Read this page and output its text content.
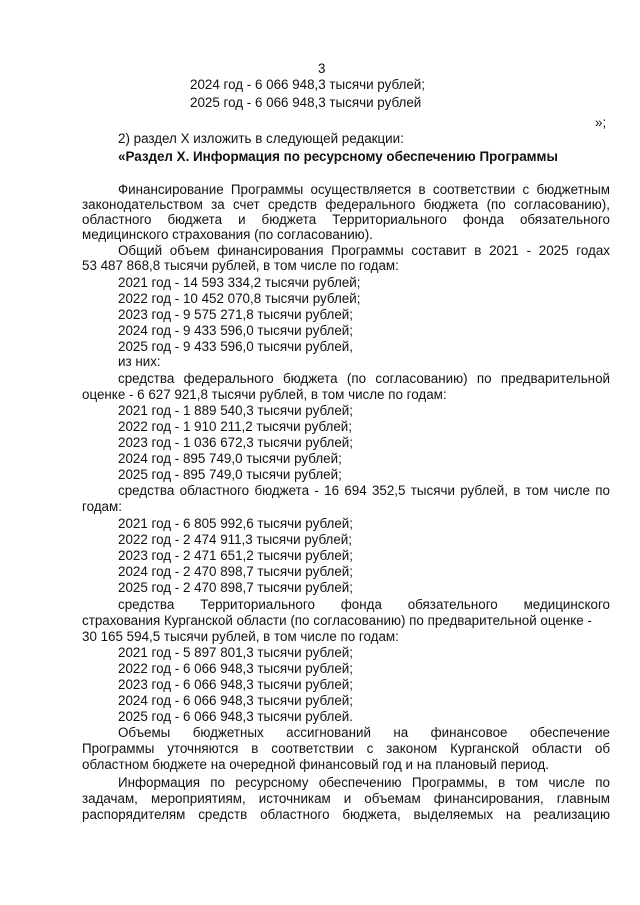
3
2024 год - 6 066 948,3 тысячи рублей;
2025 год - 6 066 948,3 тысячи рублей
»;
2) раздел X изложить в следующей редакции:
«Раздел X. Информация по ресурсному обеспечению Программы
Финансирование Программы осуществляется в соответствии с бюджетным
законодательством за счет средств федерального бюджета (по согласованию),
областного бюджета и бюджета Территориального фонда обязательного
медицинского страхования (по согласованию).
Общий объем финансирования Программы составит в 2021 - 2025 годах
53 487 868,8 тысячи рублей, в том числе по годам:
2021 год - 14 593 334,2 тысячи рублей;
2022 год - 10 452 070,8 тысячи рублей;
2023 год - 9 575 271,8 тысячи рублей;
2024 год - 9 433 596,0 тысячи рублей;
2025 год - 9 433 596,0 тысячи рублей,
из них:
средства федерального бюджета (по согласованию) по предварительной
оценке - 6 627 921,8 тысячи рублей, в том числе по годам:
2021 год - 1 889 540,3 тысячи рублей;
2022 год - 1 910 211,2 тысячи рублей;
2023 год - 1 036 672,3 тысячи рублей;
2024 год - 895 749,0 тысячи рублей;
2025 год - 895 749,0 тысячи рублей;
средства областного бюджета - 16 694 352,5 тысячи рублей, в том числе по
годам:
2021 год - 6 805 992,6 тысячи рублей;
2022 год - 2 474 911,3 тысячи рублей;
2023 год - 2 471 651,2 тысячи рублей;
2024 год - 2 470 898,7 тысячи рублей;
2025 год - 2 470 898,7 тысячи рублей;
средства Территориального фонда обязательного медицинского
страхования Курганской области (по согласованию) по предварительной оценке -
30 165 594,5 тысячи рублей, в том числе по годам:
2021 год - 5 897 801,3 тысячи рублей;
2022 год - 6 066 948,3 тысячи рублей;
2023 год - 6 066 948,3 тысячи рублей;
2024 год - 6 066 948,3 тысячи рублей;
2025 год - 6 066 948,3 тысячи рублей.
Объемы бюджетных ассигнований на финансовое обеспечение
Программы уточняются в соответствии с законом Курганской области об
областном бюджете на очередной финансовый год и на плановый период.
Информация по ресурсному обеспечению Программы, в том числе по
задачам, мероприятиям, источникам и объемам финансирования, главным
распорядителям средств областного бюджета, выделяемых на реализацию
